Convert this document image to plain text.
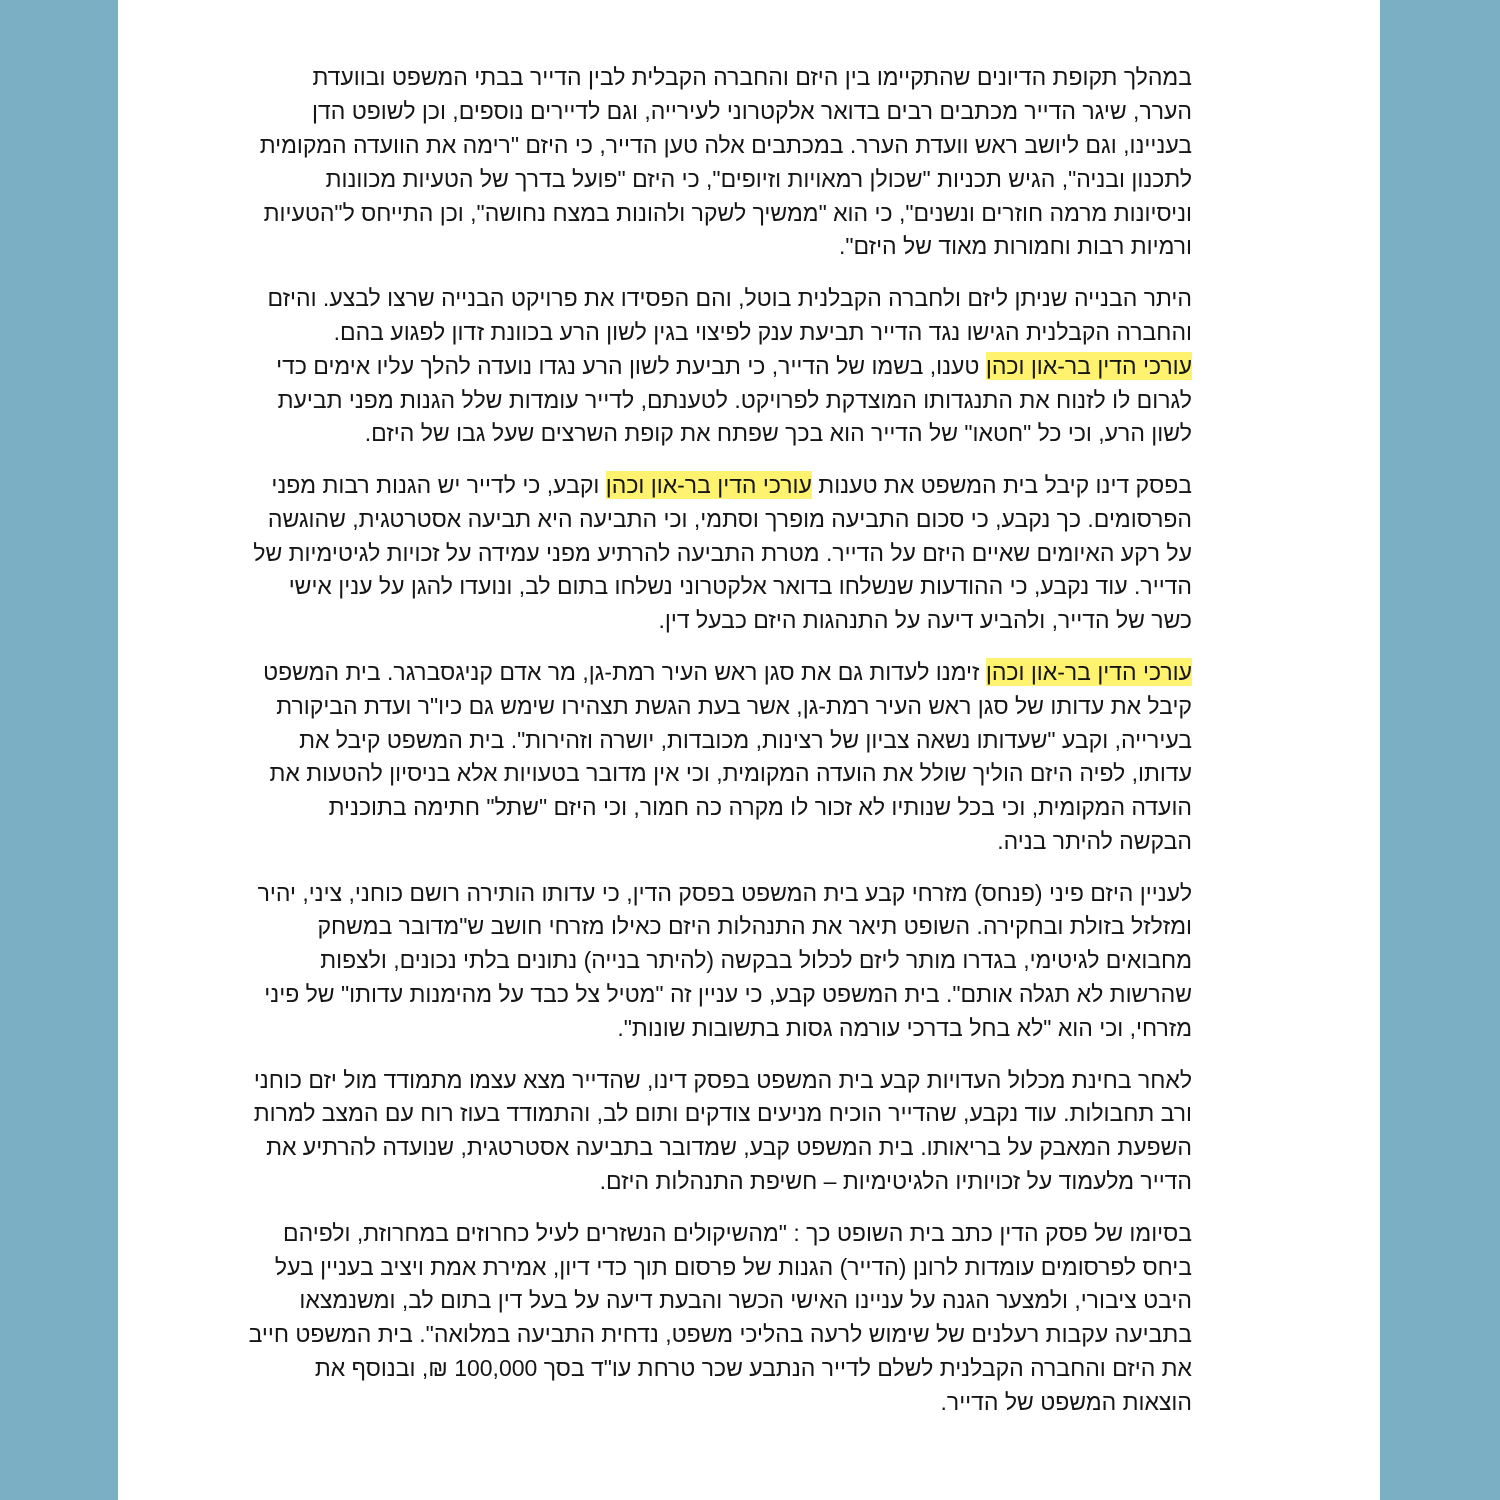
במהלך תקופת הדיונים שהתקיימו בין היזם והחברה הקבלית לבין הדייר בבתי המשפט ובוועדת
הערר, שיגר הדייר מכתבים רבים בדואר אלקטרוני לעירייה, וגם לדיירים נוספים, וכן לשופט הדן
בעניינו, וגם ליושב ראש וועדת הערר. במכתבים אלה טען הדייר, כי היזם "רימה את הוועדה המקומית
לתכנון ובניה", הגיש תכניות "שכולן רמאויות וזיופים", כי היזם "פועל בדרך של הטעיות מכוונות
וניסיונות מרמה חוזרים ונשנים", כי הוא "ממשיך לשקר ולהונות במצח נחושה", וכן התייחס ל"הטעיות
ורמיות רבות וחמורות מאוד של היזם".
היתר הבנייה שניתן ליזם ולחברה הקבלנית בוטל, והם הפסידו את פרויקט הבנייה שרצו לבצע. והיזם
והחברה הקבלנית הגישו נגד הדייר תביעת ענק לפיצוי בגין לשון הרע בכוונת זדון לפגוע בהם.
עורכי הדין בר-און וכהן טענו, בשמו של הדייר, כי תביעת לשון הרע נגדו נועדה להלך עליו אימים כדי
לגרום לו לזנוח את התנגדותו המוצדקת לפרויקט. לטענתם, לדייר עומדות שלל הגנות מפני תביעת
לשון הרע, וכי כל "חטאו" של הדייר הוא בכך שפתח את קופת השרצים שעל גבו של היזם.
בפסק דינו קיבל בית המשפט את טענות עורכי הדין בר-און וכהן וקבע, כי לדייר יש הגנות רבות מפני
הפרסומים. כך נקבע, כי סכום התביעה מופרך וסתמי, וכי התביעה היא תביעה אסטרטגית, שהוגשה
על רקע האיומים שאיים היזם על הדייר. מטרת התביעה להרתיע מפני עמידה על זכויות לגיטימיות של
הדייר. עוד נקבע, כי ההודעות שנשלחו בדואר אלקטרוני נשלחו בתום לב, ונועדו להגן על ענין אישי
כשר של הדייר, ולהביע דיעה על התנהגות היזם כבעל דין.
עורכי הדין בר-און וכהן זימנו לעדות גם את סגן ראש העיר רמת-גן, מר אדם קניגסברגר. בית המשפט
קיבל את עדותו של סגן ראש העיר רמת-גן, אשר בעת הגשת תצהירו שימש גם כיו"ר ועדת הביקורת
בעירייה, וקבע "שעדותו נשאה צביון של רצינות, מכובדות, יושרה וזהירות". בית המשפט קיבל את
עדותו, לפיה היזם הוליך שולל את הועדה המקומית, וכי אין מדובר בטעויות אלא בניסיון להטעות את
הועדה המקומית, וכי בכל שנותיו לא זכור לו מקרה כה חמור, וכי היזם "שתל" חתימה בתוכנית
הבקשה להיתר בניה.
לעניין היזם פיני (פנחס) מזרחי קבע בית המשפט בפסק הדין, כי עדותו הותירה רושם כוחני, ציני, יהיר
ומזלזל בזולת ובחקירה. השופט תיאר את התנהלות היזם כאילו מזרחי חושב ש"מדובר במשחק
מחבואים לגיטימי, בגדרו מותר ליזם לכלול בבקשה (להיתר בנייה) נתונים בלתי נכונים, ולצפות
שהרשות לא תגלה אותם". בית המשפט קבע, כי עניין זה "מטיל צל כבד על מהימנות עדותו" של פיני
מזרחי, וכי הוא "לא בחל בדרכי עורמה גסות בתשובות שונות".
לאחר בחינת מכלול העדויות קבע בית המשפט בפסק דינו, שהדייר מצא עצמו מתמודד מול יזם כוחני
ורב תחבולות. עוד נקבע, שהדייר הוכיח מניעים צודקים ותום לב, והתמודד בעוז רוח עם המצב למרות
השפעת המאבק על בריאותו. בית המשפט קבע, שמדובר בתביעה אסטרטגית, שנועדה להרתיע את
הדייר מלעמוד על זכויותיו הלגיטימיות – חשיפת התנהלות היזם.
בסיומו של פסק הדין כתב בית השופט כך : "מהשיקולים הנשזרים לעיל כחרוזים במחרוזת, ולפיהם
ביחס לפרסומים עומדות לרונן (הדייר) הגנות של פרסום תוך כדי דיון, אמירת אמת ויציב בעניין בעל
היבט ציבורי, ולמצער הגנה על עניינו האישי הכשר והבעת דיעה על בעל דין בתום לב, ומשנמצאו
בתביעה עקבות רעלנים של שימוש לרעה בהליכי משפט, נדחית התביעה במלואה". בית המשפט חייב
את היזם והחברה הקבלנית לשלם לדייר הנתבע שכר טרחת עו"ד בסך 100,000 ₪, ובנוסף את
הוצאות המשפט של הדייר.
